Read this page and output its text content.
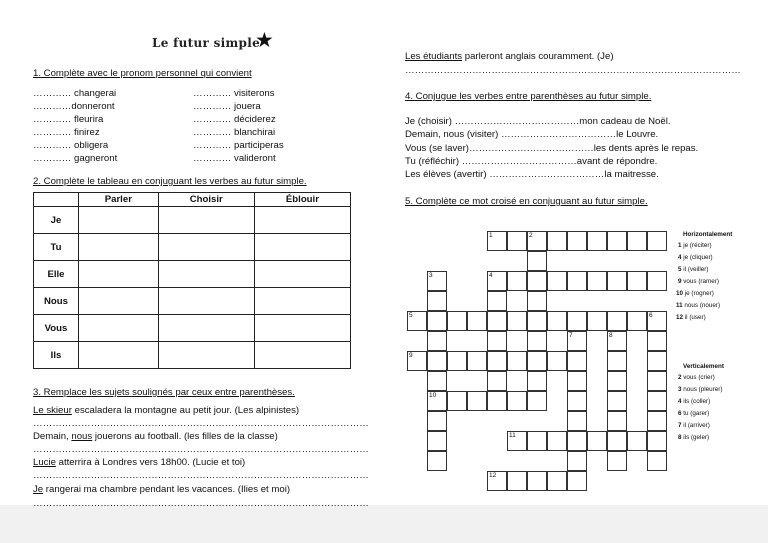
Le futur simple
★
1. Complète avec le pronom personnel qui convient
………… changerai
…………donneront
………… fleurira
………… finirez
………… obligera
………… gagneront
………… visiterons
………… jouera
………… déciderez
………… blanchirai
………… participeras
………… valideront
2. Complète le tableau en conjuguant les verbes au futur simple.
	Parler	Choisir	Éblouir
Je			
Tu			
Elle			
Nous			
Vous			
Ils			
3. Remplace les sujets soulignés par ceux entre parenthèses.
Le skieur escaladera la montagne au petit jour. (Les alpinistes)
……………………………………………………………………………………………
Demain, nous jouerons au football. (les filles de la classe)
……………………………………………………………………………………………
Lucie atterrira à Londres vers 18h00. (Lucie et toi)
……………………………………………………………………………………………
Je rangerai ma chambre pendant les vacances. (Ilies et moi)
……………………………………………………………………………………………
Les étudiants parleront anglais couramment. (Je)
……………………………………………………………………………………………
4. Conjugue les verbes entre parenthèses au futur simple.
Je (choisir) …………………………………mon cadeau de Noël.
Demain, nous (visiter) ………………………………le Louvre.
Vous (se laver)…………………………………les dents après le repas.
Tu (réfléchir) ………………………………avant de répondre.
Les élèves (avertir) ………………………………la maitresse.
5. Complète ce mot croisé en conjuguant au futur simple.
1	2
3	4
5	6
7	8
9
10
11
12
Horizontalement
1 je (réciter)
4 je (cliquer)
5 il (veiller)
9 vous (ramer)
10 je (rogner)
11 nous (nouer)
12 il (user)
Verticalement
2 vous (crier)
3 nous (pleurer)
4 ils (coller)
6 tu (garer)
7 il (arriver)
8 ils (geler)
